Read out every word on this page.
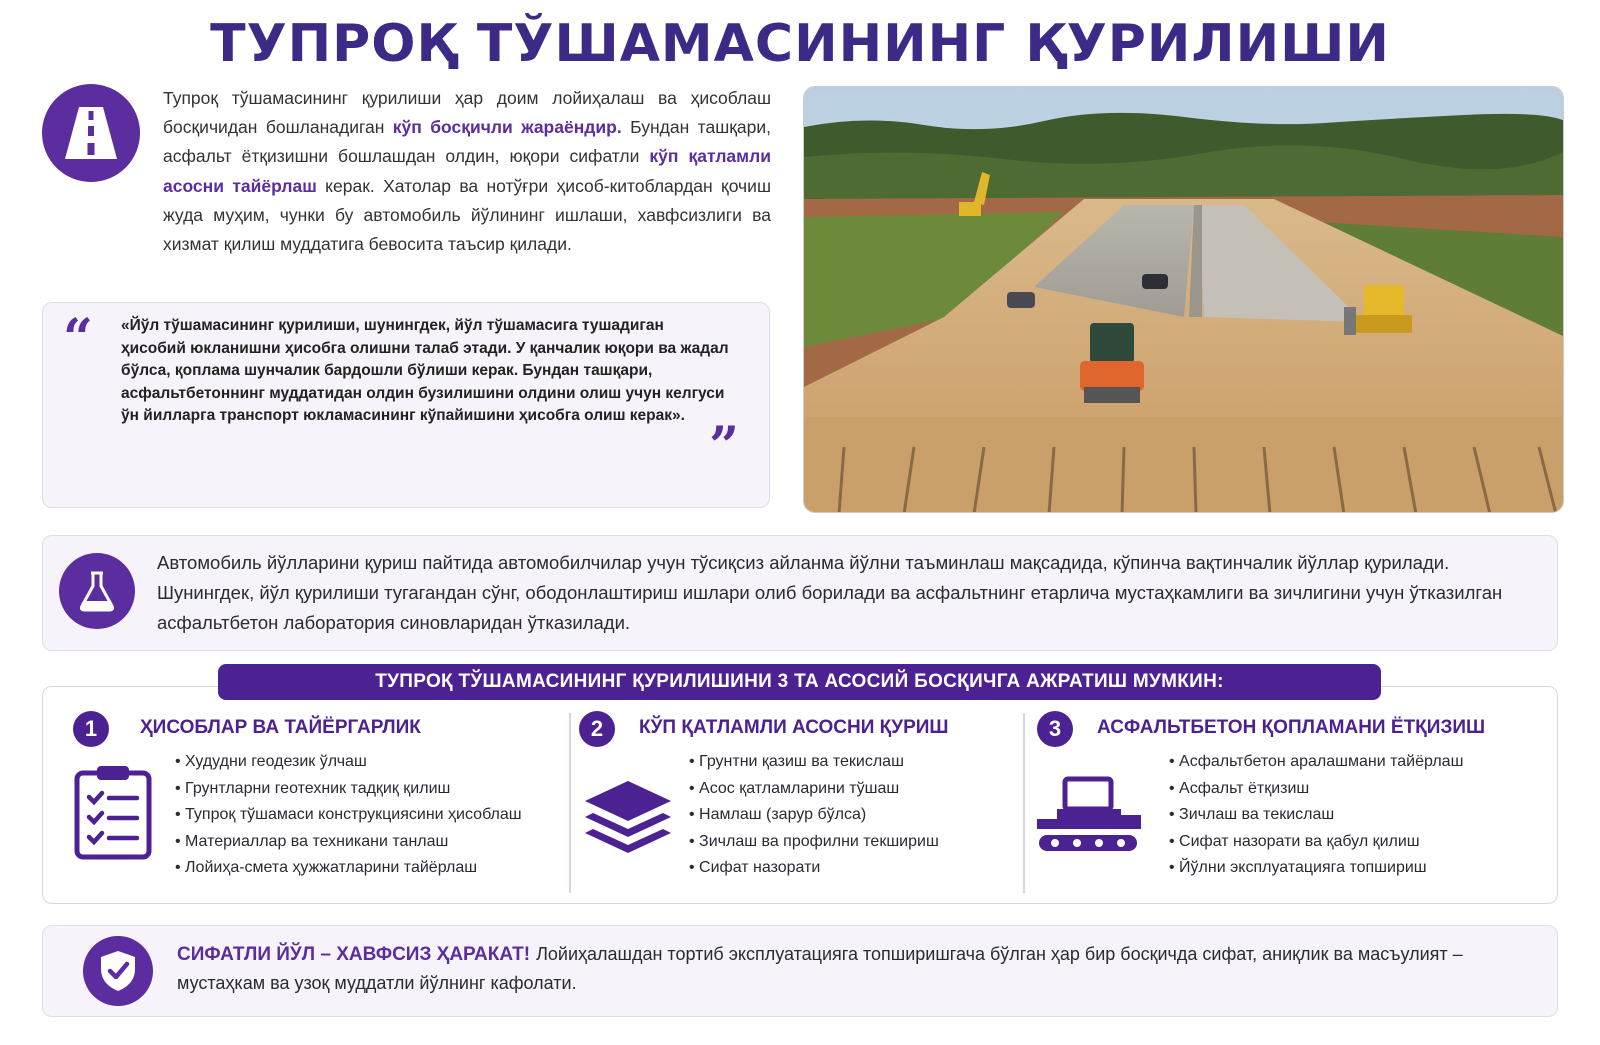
ТУПРОҚ ТЎШАМАСИНИНГ ҚУРИЛИШИ
Тупроқ тўшамасининг қурилиши ҳар доим лойиҳалаш ва ҳисоблаш босқичидан бошланадиган кўп босқичли жараёндир. Бундан ташқари, асфальт ётқизишни бошлашдан олдин, юқори сифатли кўп қатламли асосни тайёрлаш керак. Хатолар ва нотўғри ҳисоб-китоблардан қочиш жуда муҳим, чунки бу автомобиль йўлининг ишлаши, хавфсизлиги ва хизмат қилиш муддатига бевосита таъсир қилади.
“ «Йўл тўшамасининг қурилиши, шунингдек, йўл тўшамасига тушадиган ҳисобий юкланишни ҳисобга олишни талаб этади. У қанчалик юқори ва жадал бўлса, қоплама шунчалик бардошли бўлиши керак. Бундан ташқари, асфальтбетоннинг муддатидан олдин бузилишини олдини олиш учун келгуси ўн йилларга транспорт юкламасининг кўпайишини ҳисобга олиш керак».
”
Автомобиль йўлларини қуриш пайтида автомобилчилар учун тўсиқсиз айланма йўлни таъминлаш мақсадида, кўпинча вақтинчалик йўллар қурилади. Шунингдек, йўл қурилиши тугагандан сўнг, ободонлаштириш ишлари олиб борилади ва асфальтнинг етарлича мустаҳкамлиги ва зичлигини учун ўтказилган асфальтбетон лаборатория синовларидан ўтказилади.
1	ҲИСОБЛАР ВА ТАЙЁРГАРЛИК
• Худудни геодезик ўлчаш
• Грунтларни геотехник тадқиқ қилиш
• Тупроқ тўшамаси конструкциясини ҳисоблаш
• Материаллар ва техникани танлаш
• Лойиҳа-смета ҳужжатларини тайёрлаш
2	КЎП ҚАТЛАМЛИ АСОСНИ ҚУРИШ
• Грунтни қазиш ва текислаш
• Асос қатламларини тўшаш
• Намлаш (зарур бўлса)
• Зичлаш ва профилни текшириш
• Сифат назорати
3	АСФАЛЬТБЕТОН ҚОПЛАМАНИ ЁТҚИЗИШ
• Асфальтбетон аралашмани тайёрлаш
• Асфальт ётқизиш
• Зичлаш ва текислаш
• Сифат назорати ва қабул қилиш
• Йўлни эксплуатацияга топшириш
ТУПРОҚ ТЎШАМАСИНИНГ ҚУРИЛИШИНИ 3 ТА АСОСИЙ БОСҚИЧГА АЖРАТИШ МУМКИН:
СИФАТЛИ ЙЎЛ – ХАВФСИЗ ҲАРАКАТ! Лойиҳалашдан тортиб эксплуатацияга топширишгача бўлган ҳар бир босқичда сифат, аниқлик ва масъулият – мустаҳкам ва узоқ муддатли йўлнинг кафолати.
